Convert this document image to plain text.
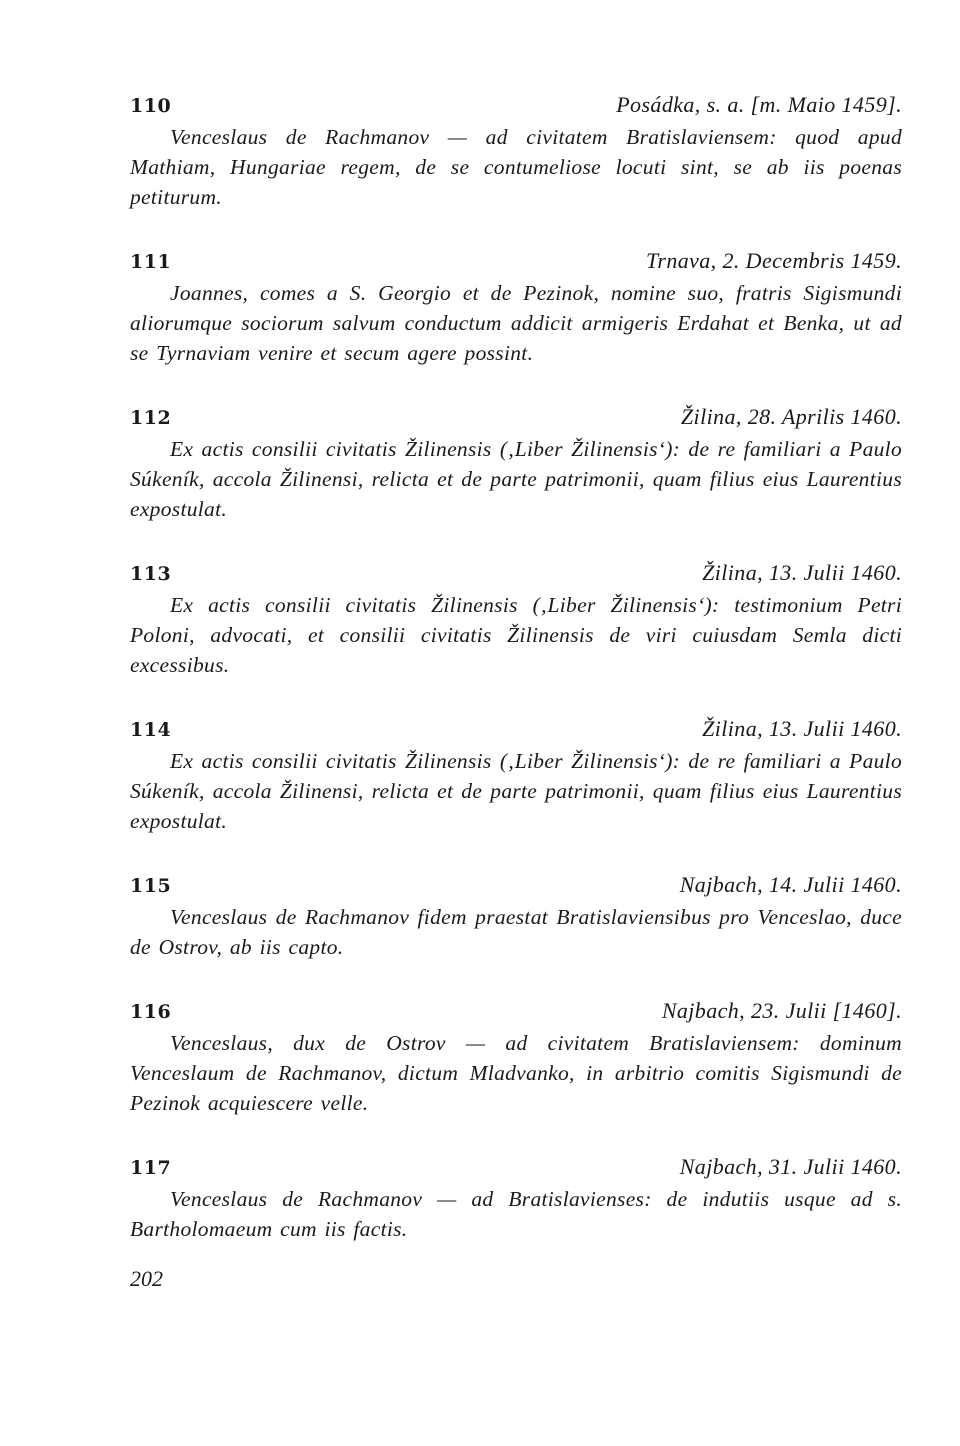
110	Posádka, s. a. [m. Maio 1459].
Venceslaus de Rachmanov — ad civitatem Bratislaviensem: quod apud Mathiam, Hungariae regem, de se contumeliose locuti sint, se ab iis poenas petiturum.
111	Trnava, 2. Decembris 1459.
Joannes, comes a S. Georgio et de Pezinok, nomine suo, fratris Sigismundi aliorumque sociorum salvum conductum addicit armigeris Erdahat et Benka, ut ad se Tyrnaviam venire et secum agere possint.
112	Žilina, 28. Aprilis 1460.
Ex actis consilii civitatis Žilinensis (‚Liber Žilinensis‘): de re familiari a Paulo Súkeník, accola Žilinensi, relicta et de parte patrimonii, quam filius eius Laurentius expostulat.
113	Žilina, 13. Julii 1460.
Ex actis consilii civitatis Žilinensis (‚Liber Žilinensis‘): testimonium Petri Poloni, advocati, et consilii civitatis Žilinensis de viri cuiusdam Semla dicti excessibus.
114	Žilina, 13. Julii 1460.
Ex actis consilii civitatis Žilinensis (‚Liber Žilinensis‘): de re familiari a Paulo Súkeník, accola Žilinensi, relicta et de parte patrimonii, quam filius eius Laurentius expostulat.
115	Najbach, 14. Julii 1460.
Venceslaus de Rachmanov fidem praestat Bratislaviensibus pro Venceslao, duce de Ostrov, ab iis capto.
116	Najbach, 23. Julii [1460].
Venceslaus, dux de Ostrov — ad civitatem Bratislaviensem: dominum Venceslaum de Rachmanov, dictum Mladvanko, in arbitrio comitis Sigismundi de Pezinok acquiescere velle.
117	Najbach, 31. Julii 1460.
Venceslaus de Rachmanov — ad Bratislavienses: de indutiis usque ad s. Bartholomaeum cum iis factis.
202
